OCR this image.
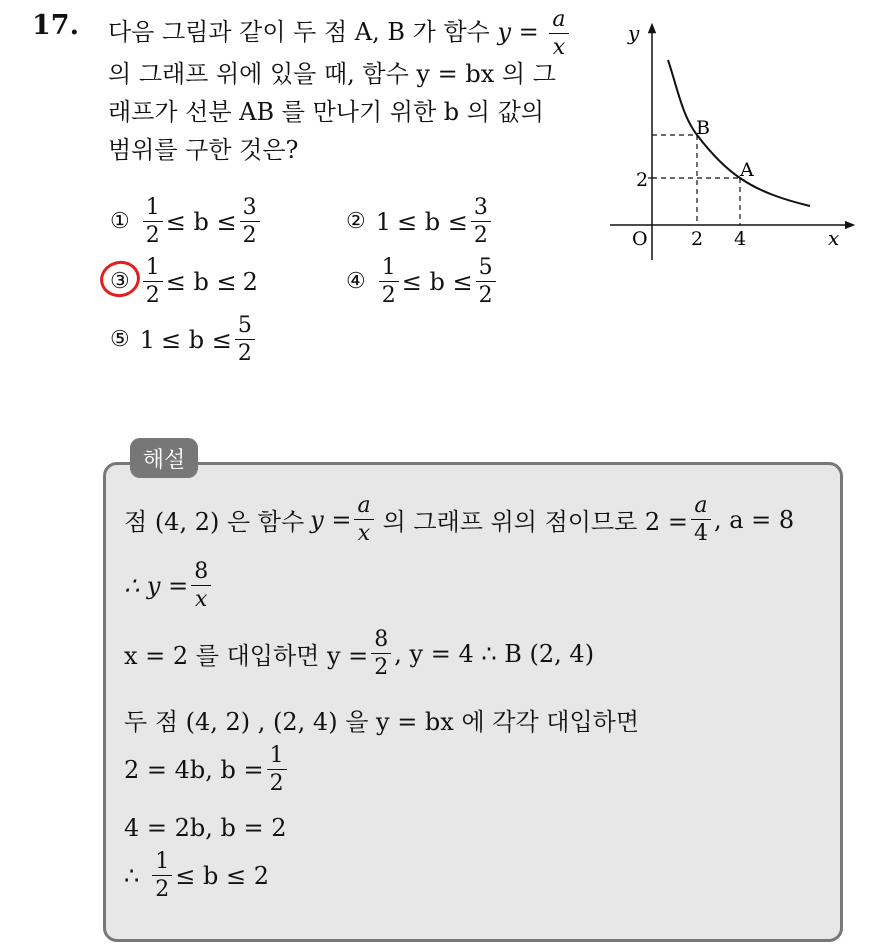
17. 다음 그림과 같이 두 점 A, B 가 함수 $y = \frac{a}{x}$
의 그래프 위에 있을 때, 함수 y = bx 의 그
래프가 선분 AB 를 만나기 위한 b 의 값의
범위를 구한 것은?
① $\frac{1}{2} \le b \le \frac{3}{2}$	② $1 \le b \le \frac{3}{2}$
③ $\frac{1}{2} \le b \le 2$	④ $\frac{1}{2} \le b \le \frac{5}{2}$
⑤ $1 \le b \le \frac{5}{2}$
y
x
O 2 4
2
B
A
해설
점 (4, 2) 은 함수 $y = \frac{a}{x}$ 의 그래프 위의 점이므로 $2 = \frac{a}{4}$ , a = 8
∴ $y = \frac{8}{x}$
x = 2 를 대입하면 $y = \frac{8}{2}$ , y = 4 ∴ B (2, 4)
두 점 (4, 2) , (2, 4) 을 y = bx 에 각각 대입하면
2 = 4b, $b = \frac{1}{2}$
4 = 2b, b = 2
∴ $\frac{1}{2} \le b \le 2$
